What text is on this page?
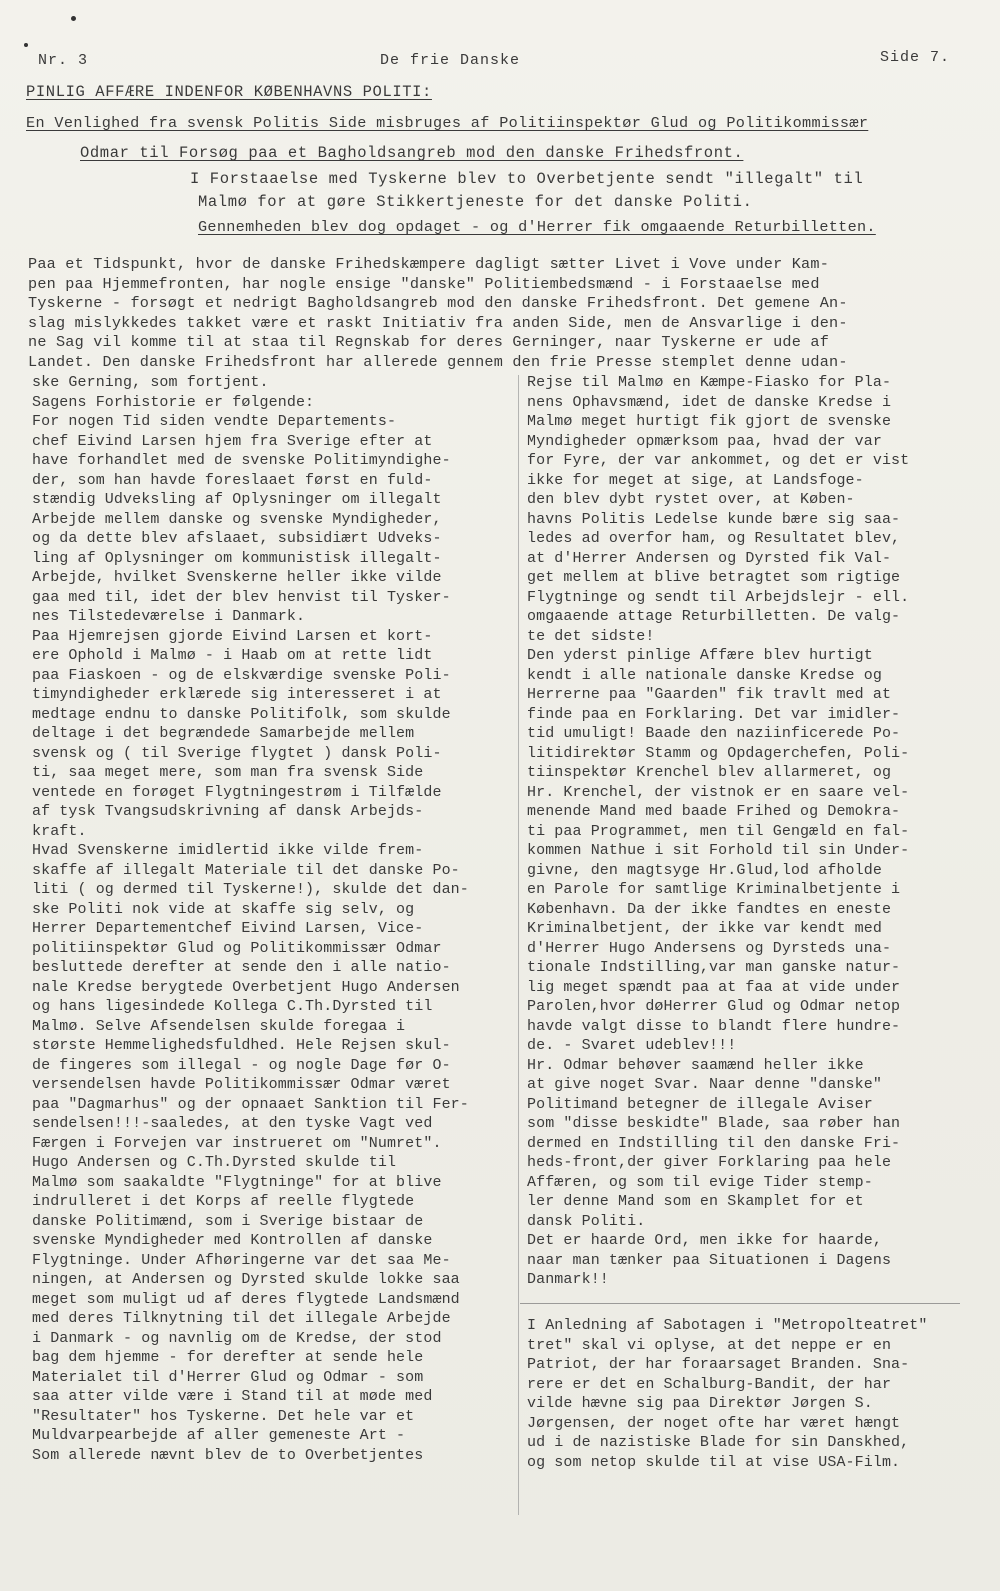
Nr. 3	De frie Danske	Side 7.
PINLIG AFFÆRE INDENFOR KØBENHAVNS POLITI:
En Venlighed fra svensk Politis Side misbruges af Politiinspektør Glud og Politikommissær
Odmar til Forsøg paa et Bagholdsangreb mod den danske Frihedsfront.
I Forstaaelse med Tyskerne blev to Overbetjente sendt "illegalt" til
Malmø for at gøre Stikkertjeneste for det danske Politi.
Gennemheden blev dog opdaget - og d'Herrer fik omgaaende Returbilletten.
Paa et Tidspunkt, hvor de danske Frihedskæmpere dagligt sætter Livet i Vove under Kam-
pen paa Hjemmefronten, har nogle ensige "danske" Politiembedsmænd - i Forstaaelse med
Tyskerne - forsøgt et nedrigt Bagholdsangreb mod den danske Frihedsfront. Det gemene An-
slag mislykkedes takket være et raskt Initiativ fra anden Side, men de Ansvarlige i den-
ne Sag vil komme til at staa til Regnskab for deres Gerninger, naar Tyskerne er ude af
Landet. Den danske Frihedsfront har allerede gennem den frie Presse stemplet denne udan-
ske Gerning, som fortjent.
Sagens Forhistorie er følgende:
For nogen Tid siden vendte Departements-
chef Eivind Larsen hjem fra Sverige efter at
have forhandlet med de svenske Politimyndighe-
der, som han havde foreslaaet først en fuld-
stændig Udveksling af Oplysninger om illegalt
Arbejde mellem danske og svenske Myndigheder,
og da dette blev afslaaet, subsidiært Udveks-
ling af Oplysninger om kommunistisk illegalt-
Arbejde, hvilket Svenskerne heller ikke vilde
gaa med til, idet der blev henvist til Tysker-
nes Tilstedeværelse i Danmark.
Paa Hjemrejsen gjorde Eivind Larsen et kort-
ere Ophold i Malmø - i Haab om at rette lidt
paa Fiaskoen - og de elskværdige svenske Poli-
timyndigheder erklærede sig interesseret i at
medtage endnu to danske Politifolk, som skulde
deltage i det begrændede Samarbejde mellem
svensk og ( til Sverige flygtet ) dansk Poli-
ti, saa meget mere, som man fra svensk Side
ventede en forøget Flygtningestrøm i Tilfælde
af tysk Tvangsudskrivning af dansk Arbejds-
kraft.
Hvad Svenskerne imidlertid ikke vilde frem-
skaffe af illegalt Materiale til det danske Po-
liti ( og dermed til Tyskerne!), skulde det dan-
ske Politi nok vide at skaffe sig selv, og
Herrer Departementchef Eivind Larsen, Vice-
politiinspektør Glud og Politikommissær Odmar
besluttede derefter at sende den i alle natio-
nale Kredse berygtede Overbetjent Hugo Andersen
og hans ligesindede Kollega C.Th.Dyrsted til
Malmø. Selve Afsendelsen skulde foregaa i
største Hemmelighedsfuldhed. Hele Rejsen skul-
de fingeres som illegal - og nogle Dage før O-
versendelsen havde Politikommissær Odmar været
paa "Dagmarhus" og der opnaaet Sanktion til Fer-
sendelsen!!!-saaledes, at den tyske Vagt ved
Færgen i Forvejen var instrueret om "Numret".
Hugo Andersen og C.Th.Dyrsted skulde til
Malmø som saakaldte "Flygtninge" for at blive
indrulleret i det Korps af reelle flygtede
danske Politimænd, som i Sverige bistaar de
svenske Myndigheder med Kontrollen af danske
Flygtninge. Under Afhøringerne var det saa Me-
ningen, at Andersen og Dyrsted skulde lokke saa
meget som muligt ud af deres flygtede Landsmænd
med deres Tilknytning til det illegale Arbejde
i Danmark - og navnlig om de Kredse, der stod
bag dem hjemme - for derefter at sende hele
Materialet til d'Herrer Glud og Odmar - som
saa atter vilde være i Stand til at møde med
"Resultater" hos Tyskerne. Det hele var et
Muldvarpearbejde af aller gemeneste Art -
Som allerede nævnt blev de to Overbetjentes
Rejse til Malmø en Kæmpe-Fiasko for Pla-
nens Ophavsmænd, idet de danske Kredse i
Malmø meget hurtigt fik gjort de svenske
Myndigheder opmærksom paa, hvad der var
for Fyre, der var ankommet, og det er vist
ikke for meget at sige, at Landsfoge-
den blev dybt rystet over, at Køben-
havns Politis Ledelse kunde bære sig saa-
ledes ad overfor ham, og Resultatet blev,
at d'Herrer Andersen og Dyrsted fik Val-
get mellem at blive betragtet som rigtige
Flygtninge og sendt til Arbejdslejr - ell.
omgaaende attage Returbilletten. De valg-
te det sidste!
Den yderst pinlige Affære blev hurtigt
kendt i alle nationale danske Kredse og
Herrerne paa "Gaarden" fik travlt med at
finde paa en Forklaring. Det var imidler-
tid umuligt! Baade den naziinficerede Po-
litidirektør Stamm og Opdagerchefen, Poli-
tiinspektør Krenchel blev allarmeret, og
Hr. Krenchel, der vistnok er en saare vel-
menende Mand med baade Frihed og Demokra-
ti paa Programmet, men til Gengæld en fal-
kommen Nathue i sit Forhold til sin Under-
givne, den magtsyge Hr.Glud,lod afholde
en Parole for samtlige Kriminalbetjente i
København. Da der ikke fandtes en eneste
Kriminalbetjent, der ikke var kendt med
d'Herrer Hugo Andersens og Dyrsteds una-
tionale Indstilling,var man ganske natur-
lig meget spændt paa at faa at vide under
Parolen,hvor døHerrer Glud og Odmar netop
havde valgt disse to blandt flere hundre-
de. - Svaret udeblev!!!
Hr. Odmar behøver saamænd heller ikke
at give noget Svar. Naar denne "danske"
Politimand betegner de illegale Aviser
som "disse beskidte" Blade, saa røber han
dermed en Indstilling til den danske Fri-
heds-front,der giver Forklaring paa hele
Affæren, og som til evige Tider stemp-
ler denne Mand som en Skamplet for et
dansk Politi.
Det er haarde Ord, men ikke for haarde,
naar man tænker paa Situationen i Dagens
Danmark!!
I Anledning af Sabotagen i "Metropolteatret"
tret" skal vi oplyse, at det neppe er en
Patriot, der har foraarsaget Branden. Sna-
rere er det en Schalburg-Bandit, der har
vilde hævne sig paa Direktør Jørgen S.
Jørgensen, der noget ofte har været hængt
ud i de nazistiske Blade for sin Danskhed,
og som netop skulde til at vise USA-Film.
